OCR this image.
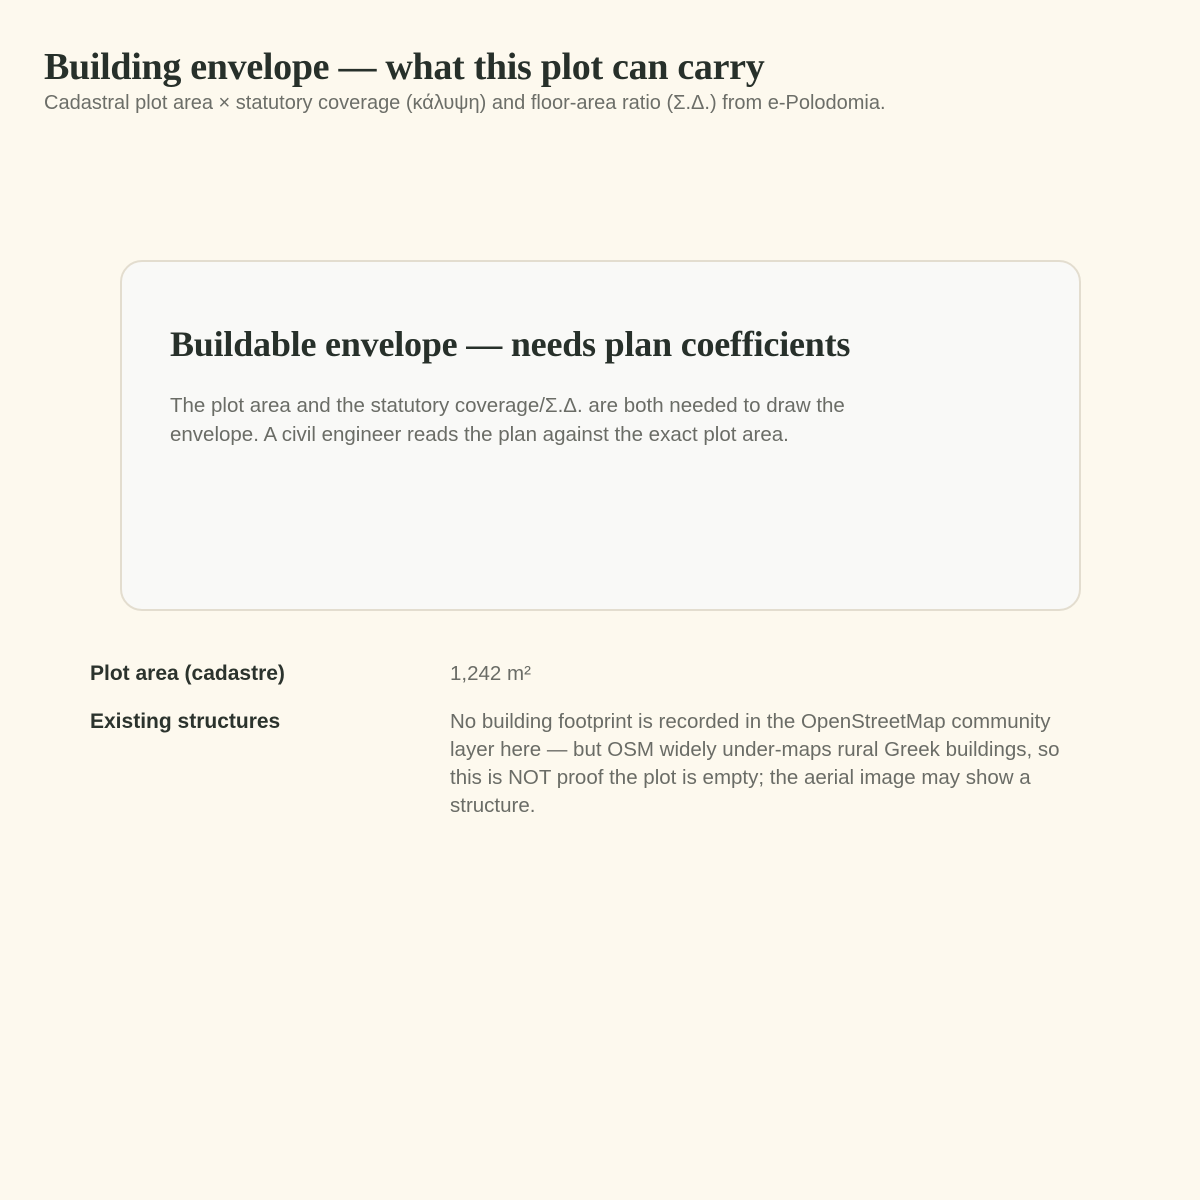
Building envelope — what this plot can carry

Cadastral plot area × statutory coverage (κάλυψη) and floor-area ratio (Σ.Δ.) from e-Polodomia.

Buildable envelope — needs plan coefficients

The plot area and the statutory coverage/Σ.Δ. are both needed to draw the envelope. A civil engineer reads the plan against the exact plot area.

Plot area (cadastre)	1,242 m²
Existing structures	No building footprint is recorded in the OpenStreetMap community layer here — but OSM widely under-maps rural Greek buildings, so this is NOT proof the plot is empty; the aerial image may show a structure.
